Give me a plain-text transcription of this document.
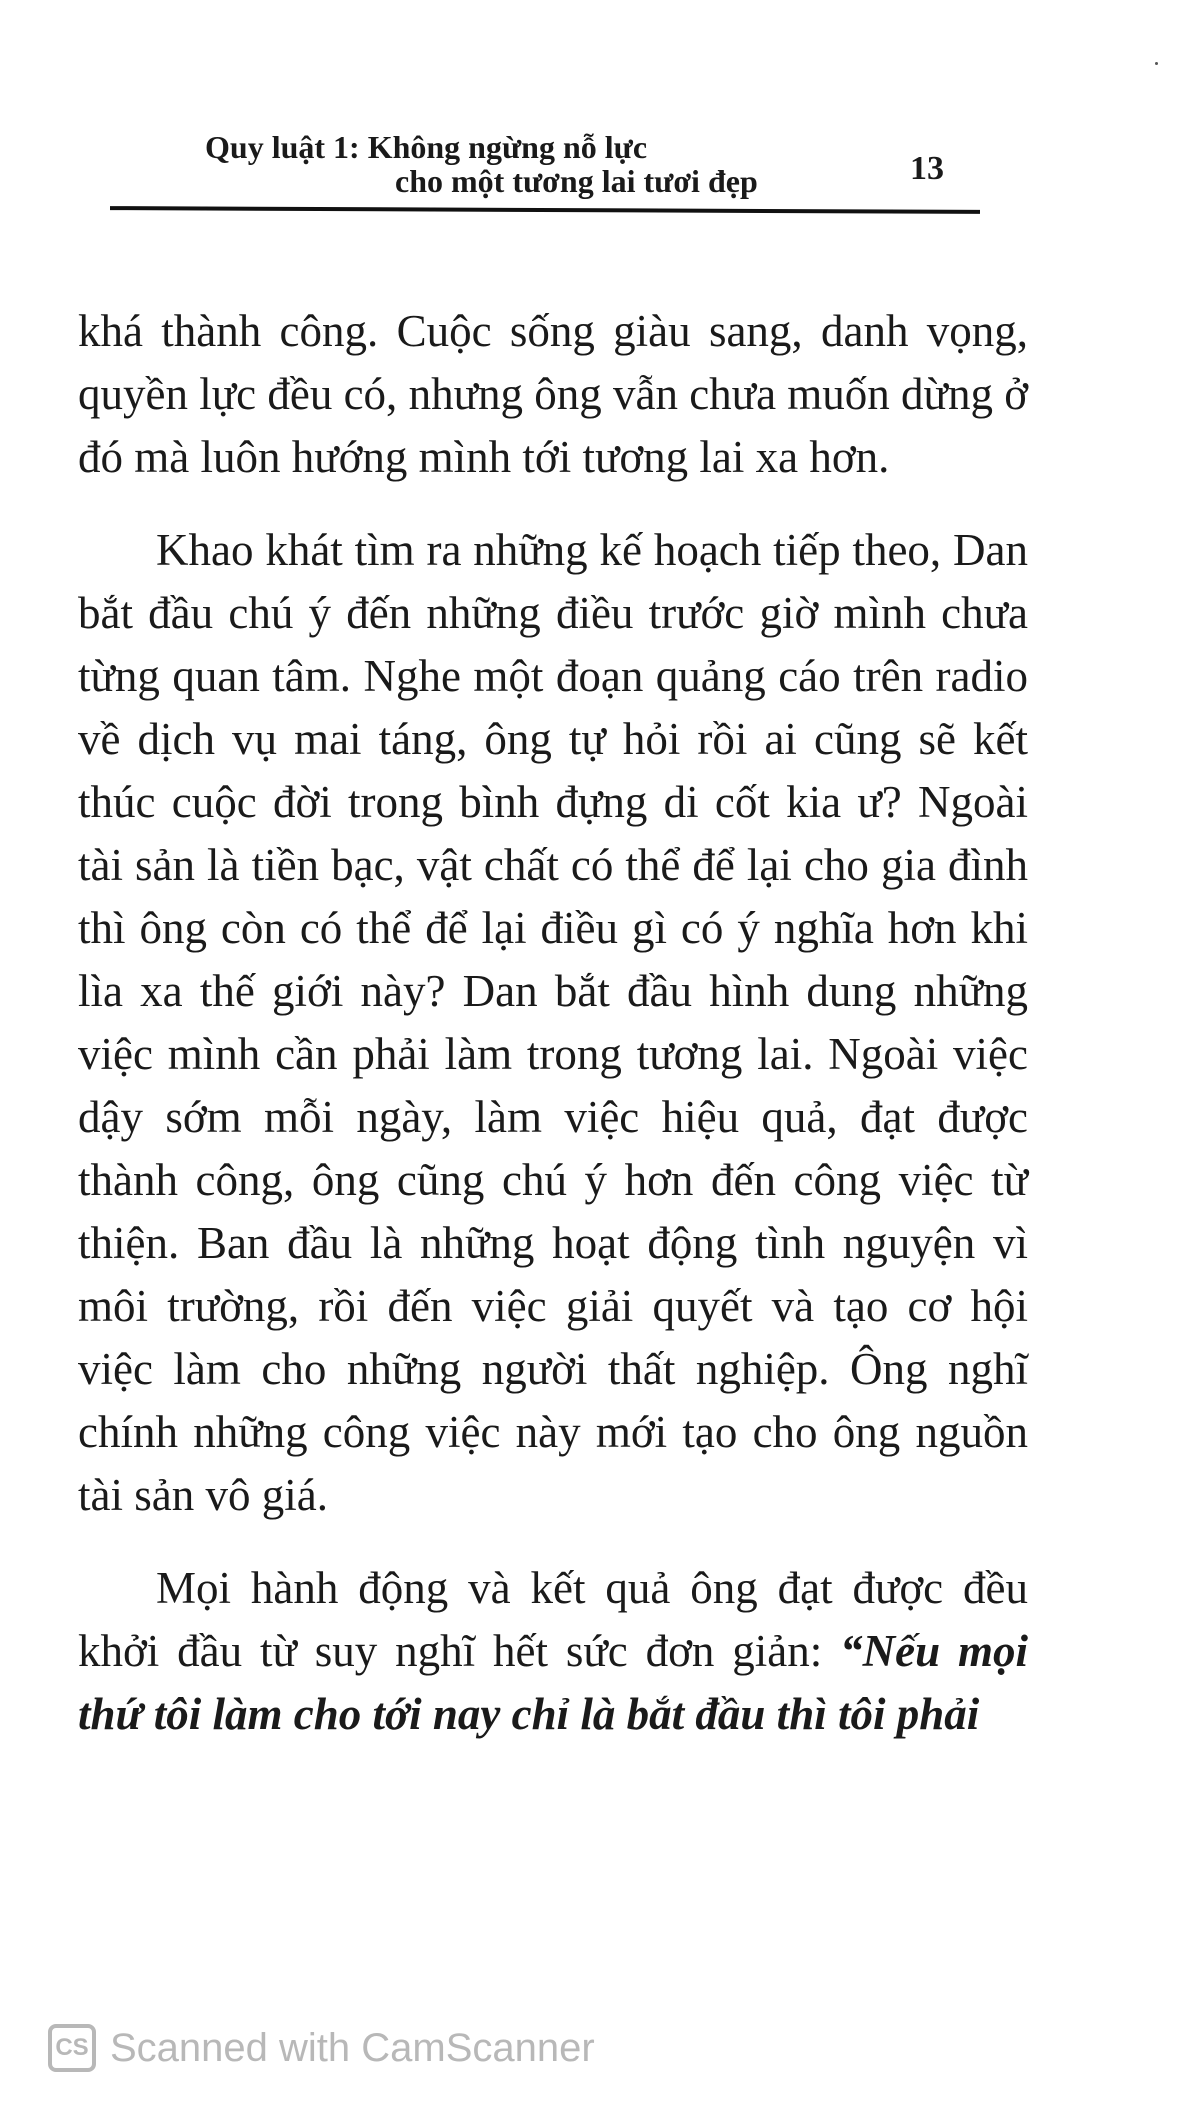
Quy luật 1: Không ngừng nỗ lực
cho một tương lai tươi đẹp	13

khá thành công. Cuộc sống giàu sang, danh vọng, quyền lực đều có, nhưng ông vẫn chưa muốn dừng ở đó mà luôn hướng mình tới tương lai xa hơn.

Khao khát tìm ra những kế hoạch tiếp theo, Dan bắt đầu chú ý đến những điều trước giờ mình chưa từng quan tâm. Nghe một đoạn quảng cáo trên radio về dịch vụ mai táng, ông tự hỏi rồi ai cũng sẽ kết thúc cuộc đời trong bình đựng di cốt kia ư? Ngoài tài sản là tiền bạc, vật chất có thể để lại cho gia đình thì ông còn có thể để lại điều gì có ý nghĩa hơn khi lìa xa thế giới này? Dan bắt đầu hình dung những việc mình cần phải làm trong tương lai. Ngoài việc dậy sớm mỗi ngày, làm việc hiệu quả, đạt được thành công, ông cũng chú ý hơn đến công việc từ thiện. Ban đầu là những hoạt động tình nguyện vì môi trường, rồi đến việc giải quyết và tạo cơ hội việc làm cho những người thất nghiệp. Ông nghĩ chính những công việc này mới tạo cho ông nguồn tài sản vô giá.

Mọi hành động và kết quả ông đạt được đều khởi đầu từ suy nghĩ hết sức đơn giản: “Nếu mọi thứ tôi làm cho tới nay chỉ là bắt đầu thì tôi phải

CS Scanned with CamScanner
